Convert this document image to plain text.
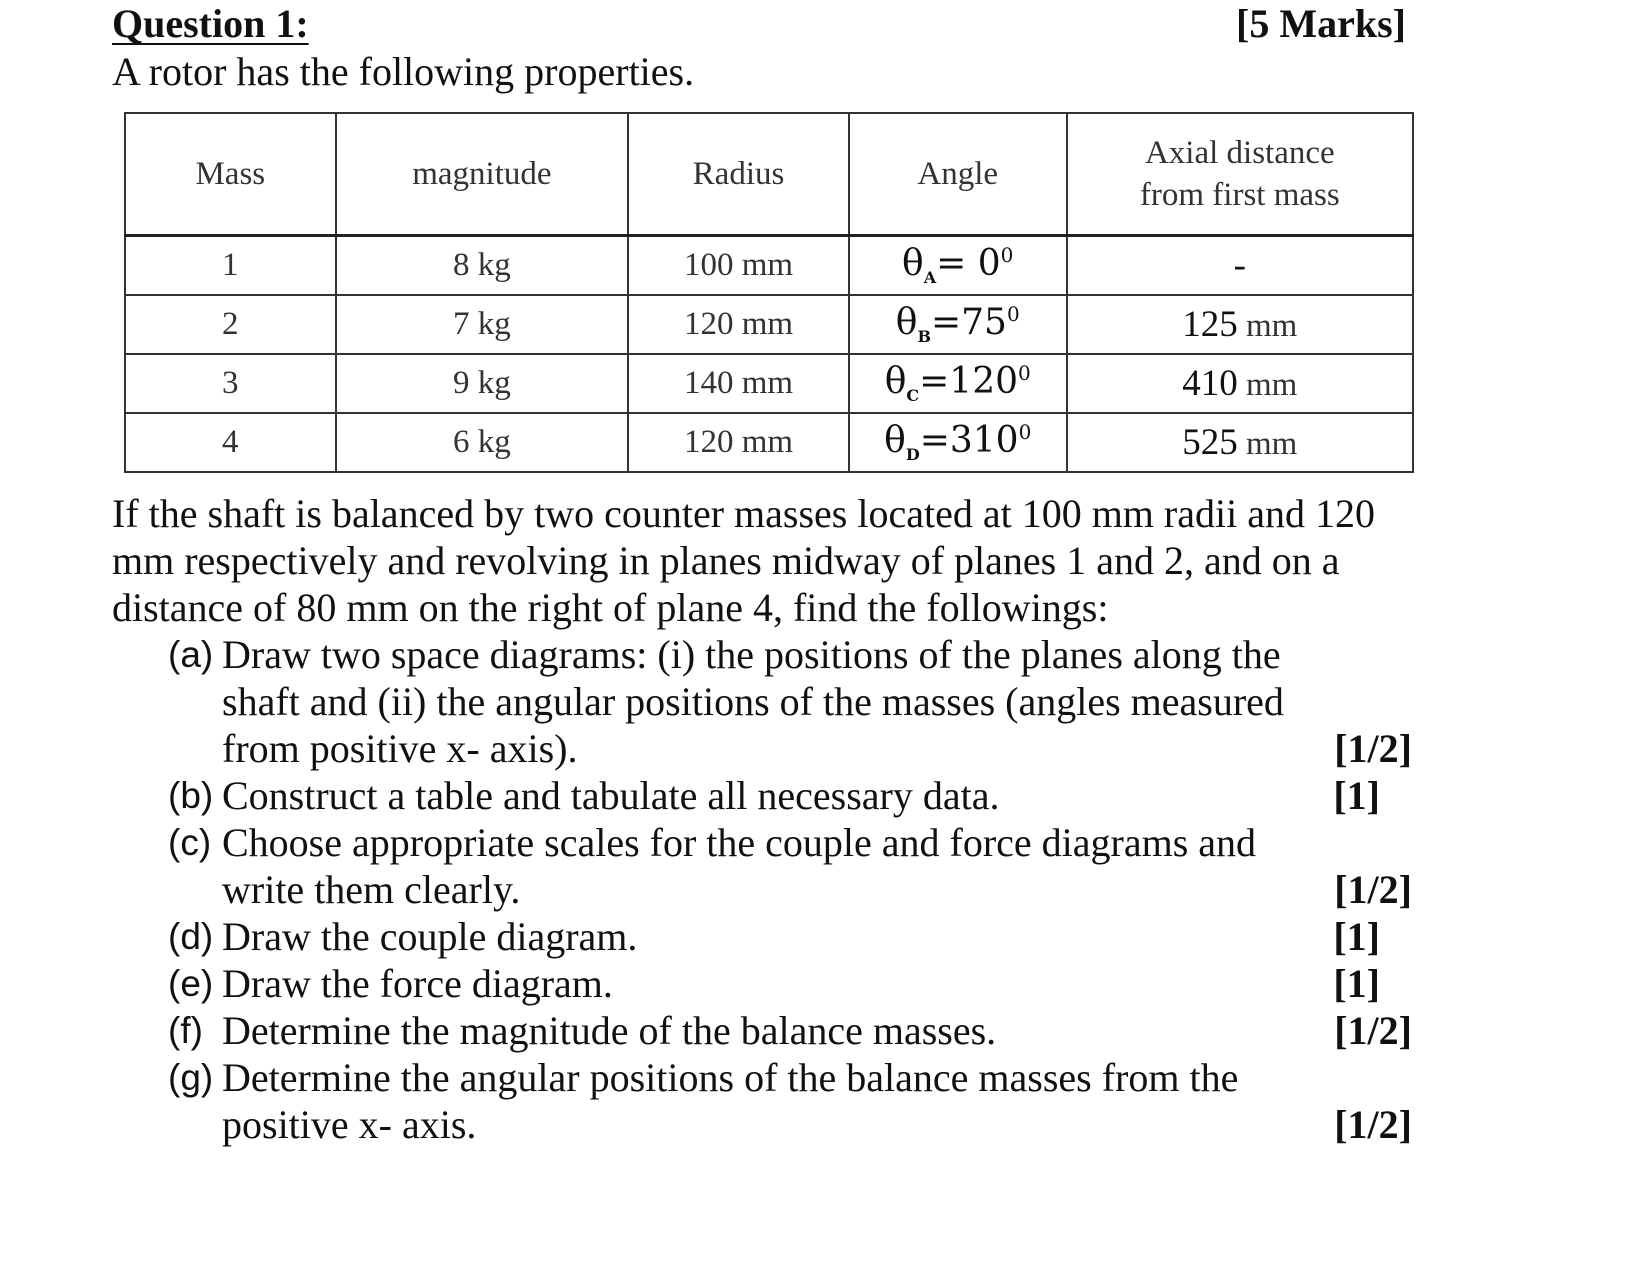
Question 1:	[5 Marks]
A rotor has the following properties.
Mass	magnitude	Radius	Angle	Axial distance
from first mass
1	8 kg	100 mm	$\theta_A= 0^0$	-
2	7 kg	120 mm	$\theta_B=75^0$	125 mm
3	9 kg	140 mm	$\theta_C=120^0$	410 mm
4	6 kg	120 mm	$\theta_D=310^0$	525 mm

If the shaft is balanced by two counter masses located at 100 mm radii and 120 mm respectively and revolving in planes midway of planes 1 and 2, and on a distance of 80 mm on the right of plane 4, find the followings:

(a) Draw two space diagrams: (i) the positions of the planes along the shaft and (ii) the angular positions of the masses (angles measured from positive x- axis).	[1/2]
(b) Construct a table and tabulate all necessary data.	[1]
(c) Choose appropriate scales for the couple and force diagrams and write them clearly.	[1/2]
(d) Draw the couple diagram.	[1]
(e) Draw the force diagram.	[1]
(f) Determine the magnitude of the balance masses.	[1/2]
(g) Determine the angular positions of the balance masses from the positive x- axis.	[1/2]
